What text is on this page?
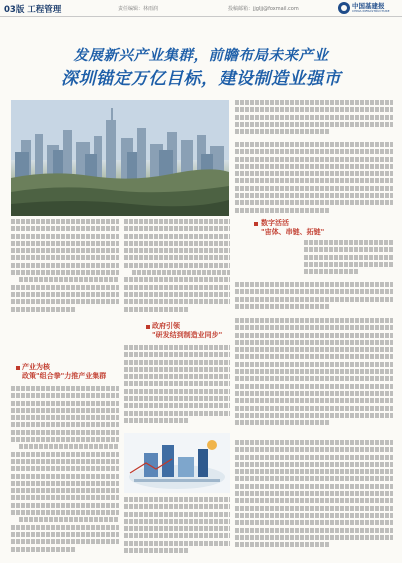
03版 工程管理	责任编辑：林雨润	投稿邮箱：jjgljj@foxmail.com	中国基建报
CHINA INFRASTRUCTURE
发展新兴产业集群，前瞻布局未来产业
深圳锚定万亿目标，建设制造业强市
数字活活
"宙体、串链、拓链"
政府引领
"研发结到制造业同步"
产业为核
政策"组合拳"力推产业集群
